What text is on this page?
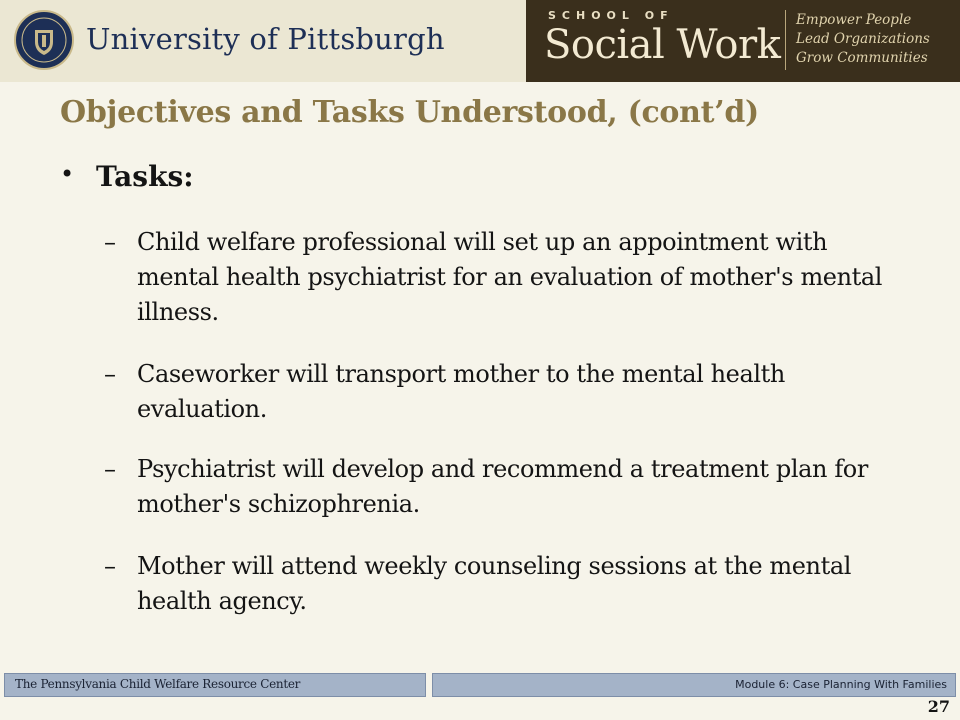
University of Pittsburgh
SCHOOL OF
Social Work
Empower People
Lead Organizations
Grow Communities
Objectives and Tasks Understood, (cont’d)
• Tasks:
– Child welfare professional will set up an appointment with mental health psychiatrist for an evaluation of mother's mental illness.
– Caseworker will transport mother to the mental health evaluation.
– Psychiatrist will develop and recommend a treatment plan for mother's schizophrenia.
– Mother will attend weekly counseling sessions at the mental health agency.
The Pennsylvania Child Welfare Resource Center	Module 6: Case Planning With Families
27
